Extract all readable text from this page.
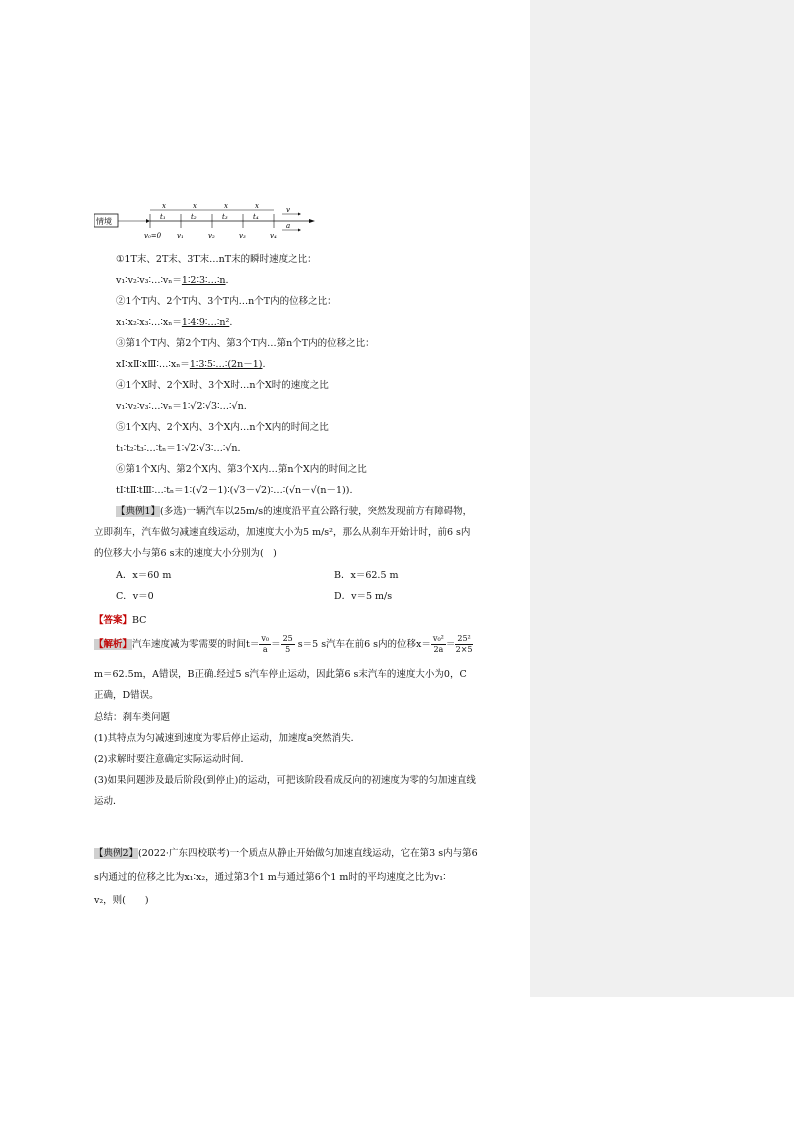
情境
x	x	x	x
t₁	t₂	t₃	t₄
v₀=0 v₁	v₂	v₃	v₄
v
a
①1T末、2T末、3T末…nT末的瞬时速度之比：
v₁∶v₂∶v₃∶…∶vₙ＝1∶2∶3∶…∶n.
②1个T内、2个T内、3个T内…n个T内的位移之比：
x₁∶x₂∶x₃∶…∶xₙ＝1∶4∶9∶…∶n².
③第1个T内、第2个T内、第3个T内…第n个T内的位移之比：
xⅠ∶xⅡ∶xⅢ∶…∶xₙ＝1∶3∶5∶…∶(2n－1).
④1个X时、2个X时、3个X时…n个X时的速度之比
v₁∶v₂∶v₃∶…∶vₙ＝1∶√2∶√3∶…∶√n.
⑤1个X内、2个X内、3个X内…n个X内的时间之比
t₁∶t₂∶t₃∶…∶tₙ＝1∶√2∶√3∶…∶√n.
⑥第1个X内、第2个X内、第3个X内…第n个X内的时间之比
tⅠ∶tⅡ∶tⅢ∶…∶tₙ＝1∶(√2－1)∶(√3－√2)∶…∶(√n－√(n－1)).
【典例1】(多选)一辆汽车以25m/s的速度沿平直公路行驶，突然发现前方有障碍物，
立即刹车，汽车做匀减速直线运动，加速度大小为5 m/s²，那么从刹车开始计时，前6 s内
的位移大小与第6 s末的速度大小分别为(　)
A．x＝60 m	B．x＝62.5 m
C．v＝0	D．v＝5 m/s
【答案】BC
【解析】汽车速度减为零需要的时间$t= \frac{\text{v₀}}{a} = \frac{25}{5} s=5$ s汽车在前6 s内的位移$x= \frac{\text{v₀²}}{2a} = \frac{\text{25²}}{2\times 5}$
m＝62.5m，A错误，B正确.经过5 s汽车停止运动，因此第6 s末汽车的速度大小为0，C
正确，D错误。
总结：刹车类问题
(1)其特点为匀减速到速度为零后停止运动，加速度a突然消失．
(2)求解时要注意确定实际运动时间．
(3)如果问题涉及最后阶段(到停止)的运动，可把该阶段看成反向的初速度为零的匀加速直线
运动．
【典例2】(2022·广东四校联考)一个质点从静止开始做匀加速直线运动，它在第3 s内与第6
s内通过的位移之比为x₁∶x₂，通过第3个1 m与通过第6个1 m时的平均速度之比为v₁∶
v₂，则(　　)
